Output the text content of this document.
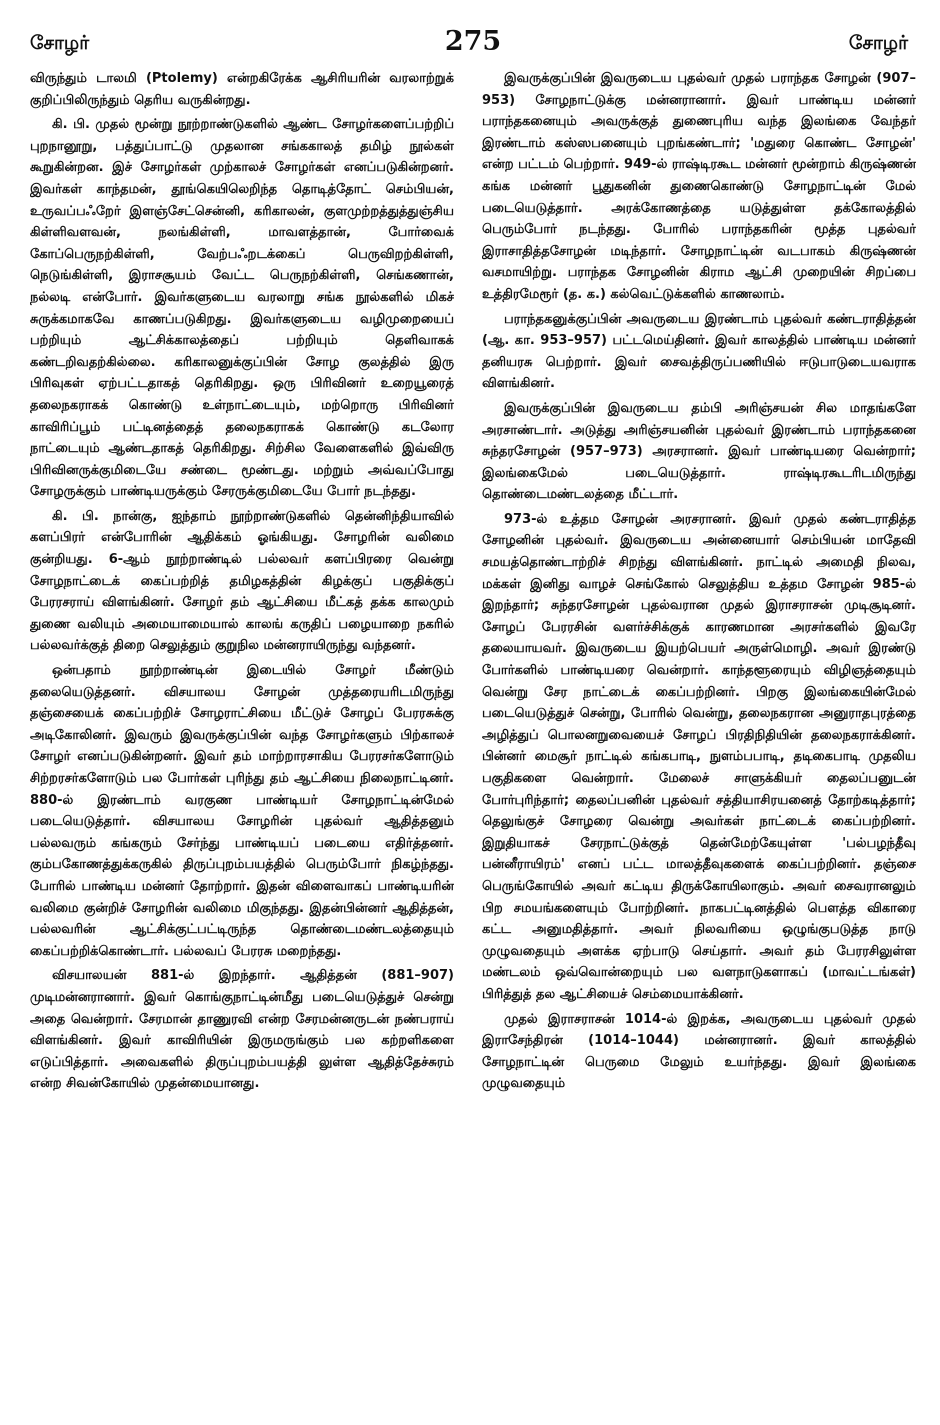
சோழர்	275	சோழர்

விருந்தும் டாலமி (Ptolemy) என்றகிரேக்க ஆசிரியரின் வரலாற்றுக் குறிப்பிலிருந்தும் தெரிய வருகின்றது.

கி. பி. முதல் மூன்று நூற்றாண்டுகளில் ஆண்ட சோழர்களைப்பற்றிப் புறநானூறு, பத்துப்பாட்டு முதலான சங்ககாலத் தமிழ் நூல்கள் கூறுகின்றன. இச் சோழர்கள் முற்காலச் சோழர்கள் எனப்படுகின்றனர். இவர்கள் காந்தமன், தூங்கெயிலெறிந்த தொடித்தோட் செம்பியன், உருவப்பஃறேர் இளஞ்சேட்சென்னி, கரிகாலன், குளமுற்றத்துத்துஞ்சிய கிள்ளிவளவன், நலங்கிள்ளி, மாவளத்தான், போர்வைக் கோப்பெருநற்கிள்ளி, வேற்பஃறடக்கைப் பெருவிறற்கிள்ளி, நெடுங்கிள்ளி, இராசசூயம் வேட்ட பெருநற்கிள்ளி, செங்கணான், நல்லடி என்போர். இவர்களுடைய வரலாறு சங்க நூல்களில் மிகச் சுருக்கமாகவே காணப்படுகிறது. இவர்களுடைய வழிமுறையைப் பற்றியும் ஆட்சிக்காலத்தைப் பற்றியும் தெளிவாகக் கண்டறிவதற்கில்லை. கரிகாலனுக்குப்பின் சோழ குலத்தில் இரு பிரிவுகள் ஏற்பட்டதாகத் தெரிகிறது. ஒரு பிரிவினர் உறையூரைத் தலைநகராகக் கொண்டு உள்நாட்டையும், மற்றொரு பிரிவினர் காவிரிப்பூம் பட்டினத்தைத் தலைநகராகக் கொண்டு கடலோர நாட்டையும் ஆண்டதாகத் தெரிகிறது. சிற்சில வேளைகளில் இவ்விரு பிரிவினருக்குமிடையே சண்டை மூண்டது. மற்றும் அவ்வப்போது சோழருக்கும் பாண்டியருக்கும் சேரருக்குமிடையே போர் நடந்தது.

கி. பி. நான்கு, ஐந்தாம் நூற்றாண்டுகளில் தென்னிந்தியாவில் களப்பிரர் என்போரின் ஆதிக்கம் ஓங்கியது. சோழரின் வலிமை குன்றியது. 6-ஆம் நூற்றாண்டில் பல்லவர் களப்பிரரை வென்று சோழநாட்டைக் கைப்பற்றித் தமிழகத்தின் கிழக்குப் பகுதிக்குப் பேரரசராய் விளங்கினர். சோழர் தம் ஆட்சியை மீட்கத் தக்க காலமும் துணை வலியும் அமையாமையால் காலங் கருதிப் பழையாறை நகரில் பல்லவர்க்குத் திறை செலுத்தும் குறுநில மன்னராயிருந்து வந்தனர்.

ஒன்பதாம் நூற்றாண்டின் இடையில் சோழர் மீண்டும் தலையெடுத்தனர். விசயாலய சோழன் முத்தரையரிடமிருந்து தஞ்சையைக் கைப்பற்றிச் சோழராட்சியை மீட்டுச் சோழப் பேரரசுக்கு அடிகோலினர். இவரும் இவருக்குப்பின் வந்த சோழர்களும் பிற்காலச் சோழர் எனப்படுகின்றனர். இவர் தம் மாற்றாரசாகிய பேரரசர்களோடும் சிற்றரசர்களோடும் பல போர்கள் புரிந்து தம் ஆட்சியை நிலைநாட்டினர். 880-ல் இரண்டாம் வரகுண பாண்டியர் சோழநாட்டின்மேல் படையெடுத்தார். விசயாலய சோழரின் புதல்வர் ஆதித்தனும் பல்லவரும் கங்கரும் சேர்ந்து பாண்டியப் படையை எதிர்த்தனர். கும்பகோணத்துக்கருகில் திருப்புறம்பயத்தில் பெரும்போர் நிகழ்ந்தது. போரில் பாண்டிய மன்னர் தோற்றார். இதன் விளைவாகப் பாண்டியரின் வலிமை குன்றிச் சோழரின் வலிமை மிகுந்தது. இதன்பின்னர் ஆதித்தன், பல்லவரின் ஆட்சிக்குட்பட்டிருந்த தொண்டைமண்டலத்தையும் கைப்பற்றிக்கொண்டார். பல்லவப் பேரரசு மறைந்தது.

விசயாலயன் 881-ல் இறந்தார். ஆதித்தன் (881–907) முடிமன்னரானார். இவர் கொங்குநாட்டின்மீது படையெடுத்துச் சென்று அதை வென்றார். சேரமான் தாணுரவி என்ற சேரமன்னருடன் நண்பராய் விளங்கினர். இவர் காவிரியின் இருமருங்கும் பல கற்றளிகளை எடுப்பித்தார். அவைகளில் திருப்புறம்பயத்தி லுள்ள ஆதித்தேச்சுரம் என்ற சிவன்கோயில் முதன்மையானது.

இவருக்குப்பின் இவருடைய புதல்வர் முதல் பராந்தக சோழன் (907–953) சோழநாட்டுக்கு மன்னரானார். இவர் பாண்டிய மன்னர் பராந்தகனையும் அவருக்குத் துணைபுரிய வந்த இலங்கை வேந்தர் இரண்டாம் கஸ்ஸபனையும் புறங்கண்டார்; 'மதுரை கொண்ட சோழன்' என்ற பட்டம் பெற்றார். 949-ல் ராஷ்டிரகூட மன்னர் மூன்றாம் கிருஷ்ணன் கங்க மன்னர் பூதுகனின் துணைகொண்டு சோழநாட்டின் மேல் படையெடுத்தார். அரக்கோணத்தை யடுத்துள்ள தக்கோலத்தில் பெரும்போர் நடந்தது. போரில் பராந்தகரின் மூத்த புதல்வர் இராசாதித்தசோழன் மடிந்தார். சோழநாட்டின் வடபாகம் கிருஷ்ணன் வசமாயிற்று. பராந்தக சோழனின் கிராம ஆட்சி முறையின் சிறப்பை உத்திரமேரூர் (த. க.) கல்வெட்டுக்களில் காணலாம்.

பராந்தகனுக்குப்பின் அவருடைய இரண்டாம் புதல்வர் கண்டராதித்தன் (ஆ. கா. 953–957) பட்டமெய்தினர். இவர் காலத்தில் பாண்டிய மன்னர் தனியரசு பெற்றார். இவர் சைவத்திருப்பணியில் ஈடுபாடுடையவராக விளங்கினர்.

இவருக்குப்பின் இவருடைய தம்பி அரிஞ்சயன் சில மாதங்களே அரசாண்டார். அடுத்து அரிஞ்சயனின் புதல்வர் இரண்டாம் பராந்தகனை சுந்தரசோழன் (957–973) அரசரானர். இவர் பாண்டியரை வென்றார்; இலங்கைமேல் படையெடுத்தார். ராஷ்டிரகூடரிடமிருந்து தொண்டைமண்டலத்தை மீட்டார்.

973-ல் உத்தம சோழன் அரசரானர். இவர் முதல் கண்டராதித்த சோழனின் புதல்வர். இவருடைய அன்னையார் செம்பியன் மாதேவி சமயத்தொண்டாற்றிச் சிறந்து விளங்கினர். நாட்டில் அமைதி நிலவ, மக்கள் இனிது வாழச் செங்கோல் செலுத்திய உத்தம சோழன் 985-ல் இறந்தார்; சுந்தரசோழன் புதல்வரான முதல் இராசராசன் முடிசூடினர். சோழப் பேரரசின் வளர்ச்சிக்குக் காரணமான அரசர்களில் இவரே தலையாயவர். இவருடைய இயற்பெயர் அருள்மொழி. அவர் இரண்டு போர்களில் பாண்டியரை வென்றார். காந்தளூரையும் விழிஞத்தையும் வென்று சேர நாட்டைக் கைப்பற்றினர். பிறகு இலங்கையின்மேல் படையெடுத்துச் சென்று, போரில் வென்று, தலைநகரான அனுராதபுரத்தை அழித்துப் பொலனறுவையைச் சோழப் பிரதிநிதியின் தலைநகராக்கினர். பின்னர் மைசூர் நாட்டில் கங்கபாடி, நுளம்பபாடி, தடிகைபாடி முதலிய பகுதிகளை வென்றார். மேலைச் சாளுக்கியர் தைலப்பனுடன் போர்புரிந்தார்; தைலப்பனின் புதல்வர் சத்தியாசிரயனைத் தோற்கடித்தார்; தெலுங்குச் சோழரை வென்று அவர்கள் நாட்டைக் கைப்பற்றினர். இறுதியாகச் சேரநாட்டுக்குத் தென்மேற்கேயுள்ள 'பல்பழந்தீவு பன்னீராயிரம்' எனப் பட்ட மாலத்தீவுகளைக் கைப்பற்றினர். தஞ்சை பெருங்கோயில் அவர் கட்டிய திருக்கோயிலாகும். அவர் சைவரானலும் பிற சமயங்களையும் போற்றினர். நாகபட்டினத்தில் பௌத்த விகாரை கட்ட அனுமதித்தார். அவர் நிலவரியை ஒழுங்குபடுத்த நாடு முழுவதையும் அளக்க ஏற்பாடு செய்தார். அவர் தம் பேரரசிலுள்ள மண்டலம் ஒவ்வொன்றையும் பல வளநாடுகளாகப் (மாவட்டங்கள்) பிரித்துத் தல ஆட்சியைச் செம்மையாக்கினர்.

முதல் இராசராசன் 1014-ல் இறக்க, அவருடைய புதல்வர் முதல் இராசேந்திரன் (1014–1044) மன்னரானர். இவர் காலத்தில் சோழநாட்டின் பெருமை மேலும் உயர்ந்தது. இவர் இலங்கை முழுவதையும்
